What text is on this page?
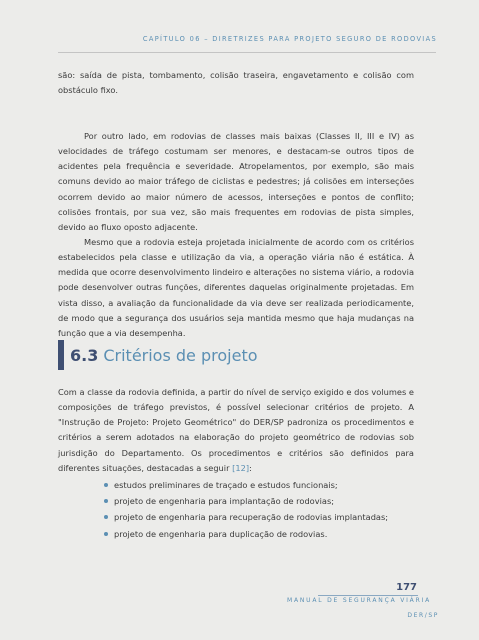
CAPÍTULO 06 – DIRETRIZES PARA PROJETO SEGURO DE RODOVIAS

são: saída de pista, tombamento, colisão traseira, engavetamento e colisão com obstáculo fixo.

Por outro lado, em rodovias de classes mais baixas (Classes II, III e IV) as velocidades de tráfego costumam ser menores, e destacam-se outros tipos de acidentes pela frequência e severidade. Atropelamentos, por exemplo, são mais comuns devido ao maior tráfego de ciclistas e pedestres; já colisões em interseções ocorrem devido ao maior número de acessos, interseções e pontos de conflito; colisões frontais, por sua vez, são mais frequentes em rodovias de pista simples, devido ao fluxo oposto adjacente.

Mesmo que a rodovia esteja projetada inicialmente de acordo com os critérios estabelecidos pela classe e utilização da via, a operação viária não é estática. À medida que ocorre desenvolvimento lindeiro e alterações no sistema viário, a rodovia pode desenvolver outras funções, diferentes daquelas originalmente projetadas. Em vista disso, a avaliação da funcionalidade da via deve ser realizada periodicamente, de modo que a segurança dos usuários seja mantida mesmo que haja mudanças na função que a via desempenha.

6.3 Critérios de projeto

Com a classe da rodovia definida, a partir do nível de serviço exigido e dos volumes e composições de tráfego previstos, é possível selecionar critérios de projeto. A "Instrução de Projeto: Projeto Geométrico" do DER/SP padroniza os procedimentos e critérios a serem adotados na elaboração do projeto geométrico de rodovias sob jurisdição do Departamento. Os procedimentos e critérios são definidos para diferentes situações, destacadas a seguir [12]:

estudos preliminares de traçado e estudos funcionais;
projeto de engenharia para implantação de rodovias;
projeto de engenharia para recuperação de rodovias implantadas;
projeto de engenharia para duplicação de rodovias.
177
MANUAL DE SEGURANÇA VIÁRIA
DER/SP
